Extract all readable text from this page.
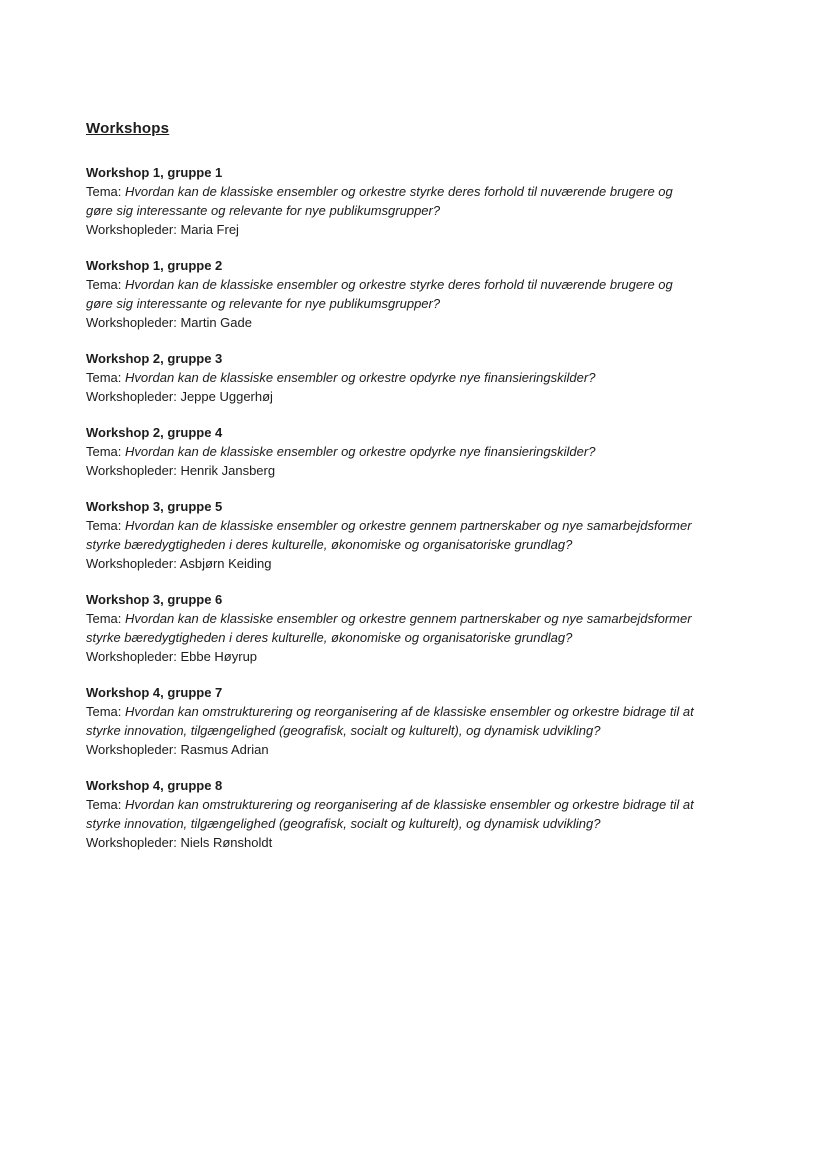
Workshops

Workshop 1, gruppe 1

Tema: Hvordan kan de klassiske ensembler og orkestre styrke deres forhold til nuværende brugere og gøre sig interessante og relevante for nye publikumsgrupper?

Workshopleder: Maria Frej

Workshop 1, gruppe 2

Tema: Hvordan kan de klassiske ensembler og orkestre styrke deres forhold til nuværende brugere og gøre sig interessante og relevante for nye publikumsgrupper?

Workshopleder: Martin Gade

Workshop 2, gruppe 3

Tema: Hvordan kan de klassiske ensembler og orkestre opdyrke nye finansieringskilder?

Workshopleder: Jeppe Uggerhøj

Workshop 2, gruppe 4

Tema: Hvordan kan de klassiske ensembler og orkestre opdyrke nye finansieringskilder?

Workshopleder: Henrik Jansberg

Workshop 3, gruppe 5

Tema: Hvordan kan de klassiske ensembler og orkestre gennem partnerskaber og nye samarbejdsformer styrke bæredygtigheden i deres kulturelle, økonomiske og organisatoriske grundlag?

Workshopleder: Asbjørn Keiding

Workshop 3, gruppe 6

Tema: Hvordan kan de klassiske ensembler og orkestre gennem partnerskaber og nye samarbejdsformer styrke bæredygtigheden i deres kulturelle, økonomiske og organisatoriske grundlag?

Workshopleder: Ebbe Høyrup

Workshop 4, gruppe 7

Tema: Hvordan kan omstrukturering og reorganisering af de klassiske ensembler og orkestre bidrage til at styrke innovation, tilgængelighed (geografisk, socialt og kulturelt), og dynamisk udvikling?

Workshopleder: Rasmus Adrian

Workshop 4, gruppe 8

Tema: Hvordan kan omstrukturering og reorganisering af de klassiske ensembler og orkestre bidrage til at styrke innovation, tilgængelighed (geografisk, socialt og kulturelt), og dynamisk udvikling?

Workshopleder: Niels Rønsholdt
